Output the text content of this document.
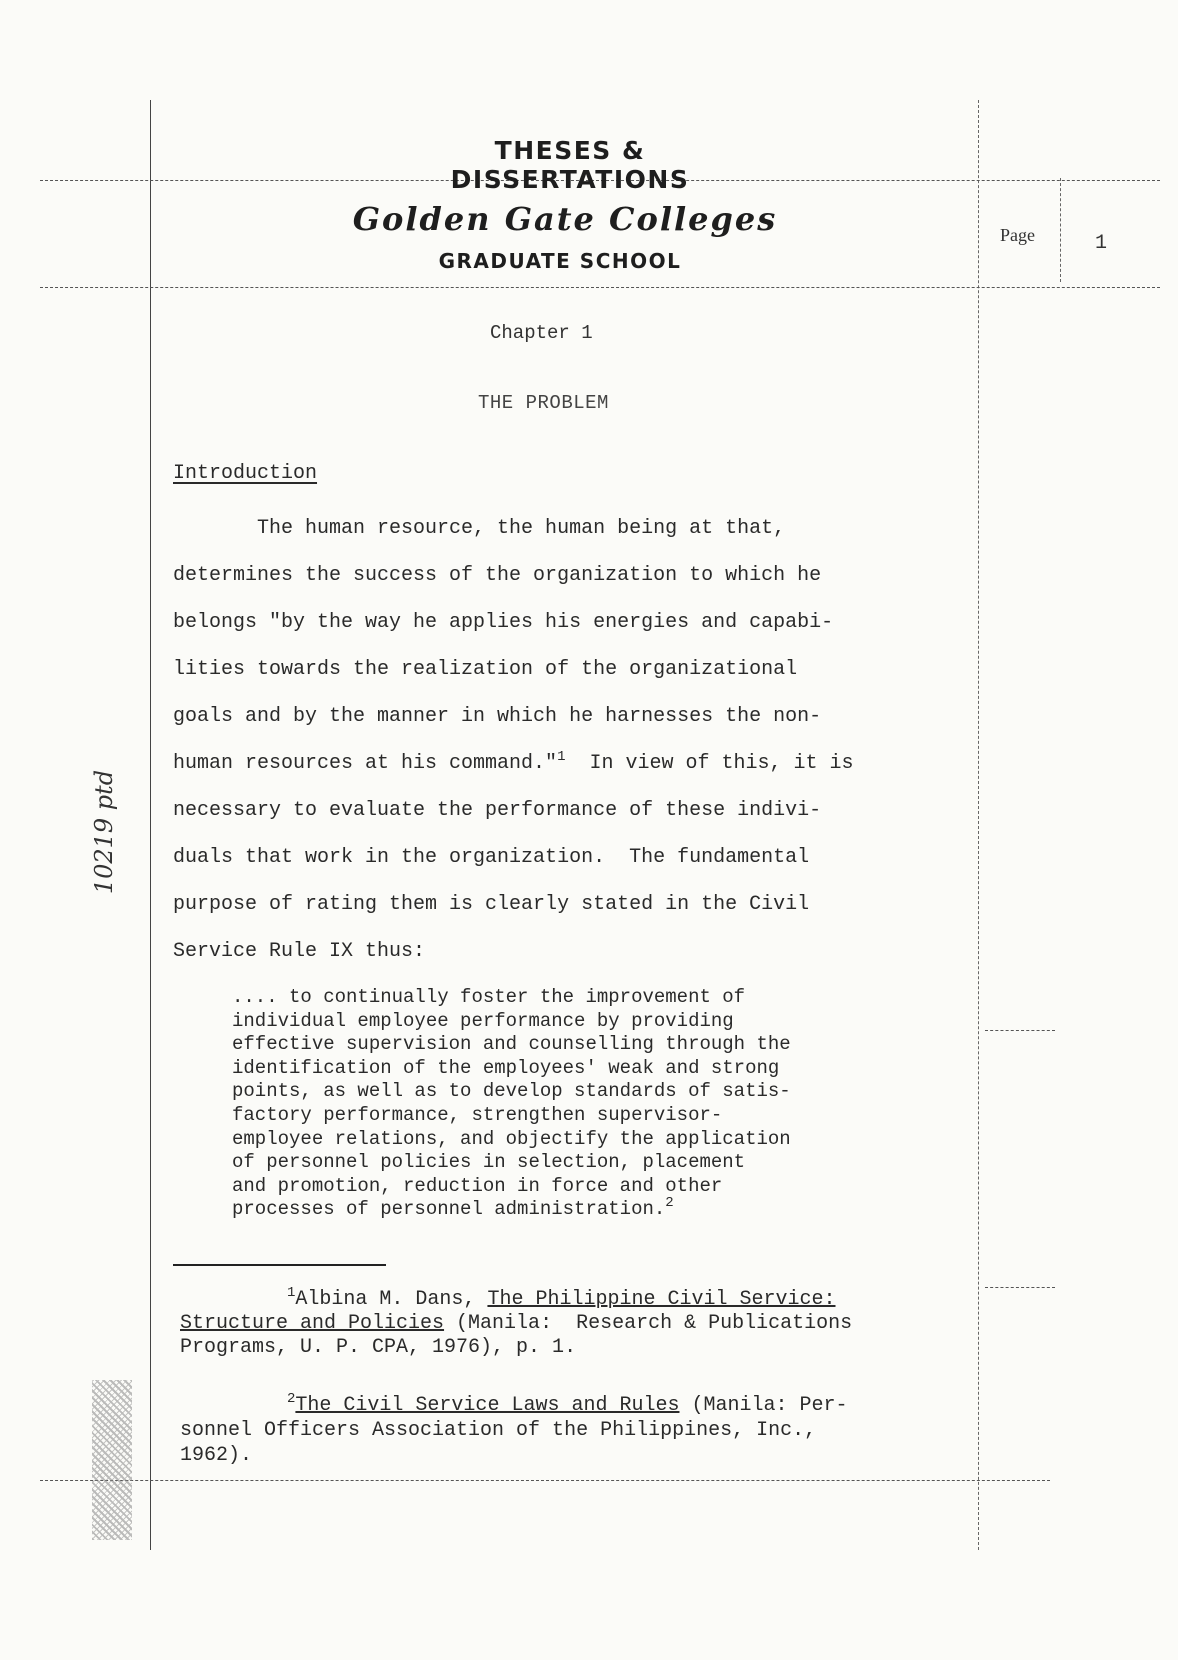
THESES & DISSERTATIONS
Golden Gate Colleges
GRADUATE SCHOOL
Page	1
Chapter 1
THE PROBLEM
Introduction
The human resource, the human being at that,
determines the success of the organization to which he
belongs "by the way he applies his energies and capabi-
lities towards the realization of the organizational
goals and by the manner in which he harnesses the non-
human resources at his command."$^1$  In view of this, it is
necessary to evaluate the performance of these indivi-
duals that work in the organization.  The fundamental
purpose of rating them is clearly stated in the Civil
Service Rule IX thus:
.... to continually foster the improvement of
individual employee performance by providing
effective supervision and counselling through the
identification of the employees' weak and strong
points, as well as to develop standards of satis-
factory performance, strengthen supervisor-
employee relations, and objectify the application
of personnel policies in selection, placement
and promotion, reduction in force and other
processes of personnel administration.$^2$
$^1$Albina M. Dans, The Philippine Civil Service:
Structure and Policies (Manila:  Research & Publications
Programs, U. P. CPA, 1976), p. 1.
$^2$The Civil Service Laws and Rules (Manila: Per-
sonnel Officers Association of the Philippines, Inc.,
1962).
10219 ptd
